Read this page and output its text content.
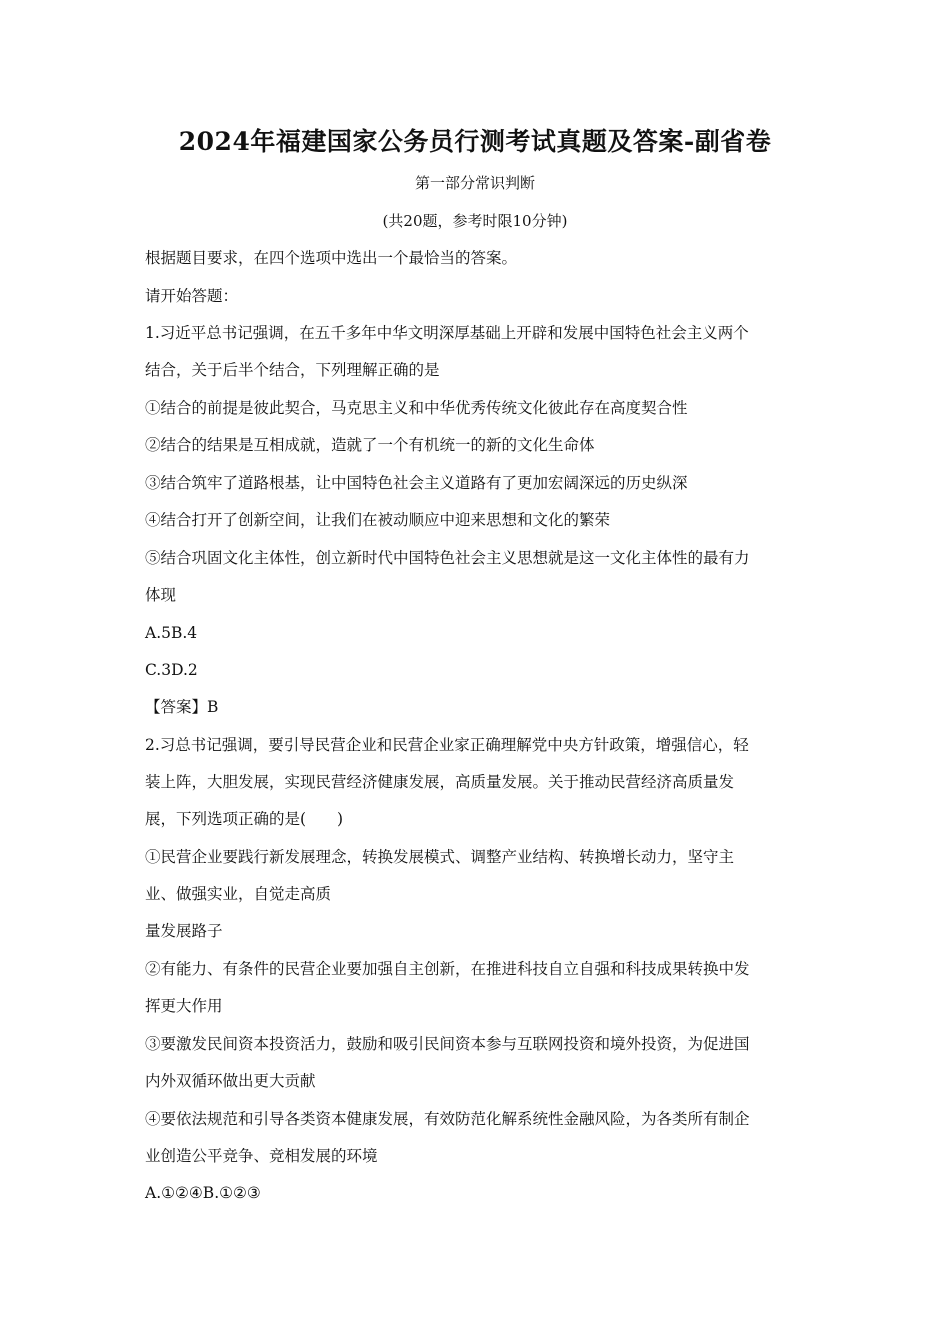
2024年福建国家公务员行测考试真题及答案-副省卷
第一部分常识判断
(共20题，参考时限10分钟)
根据题目要求，在四个选项中选出一个最恰当的答案。
请开始答题：
1.习近平总书记强调，在五千多年中华文明深厚基础上开辟和发展中国特色社会主义两个
结合，关于后半个结合，下列理解正确的是
①结合的前提是彼此契合，马克思主义和中华优秀传统文化彼此存在高度契合性
②结合的结果是互相成就，造就了一个有机统一的新的文化生命体
③结合筑牢了道路根基，让中国特色社会主义道路有了更加宏阔深远的历史纵深
④结合打开了创新空间，让我们在被动顺应中迎来思想和文化的繁荣
⑤结合巩固文化主体性，创立新时代中国特色社会主义思想就是这一文化主体性的最有力
体现
A.5B.4
C.3D.2
【答案】B
2.习总书记强调，要引导民营企业和民营企业家正确理解党中央方针政策，增强信心，轻
装上阵，大胆发展，实现民营经济健康发展，高质量发展。关于推动民营经济高质量发
展，下列选项正确的是(　　)
①民营企业要践行新发展理念，转换发展模式、调整产业结构、转换增长动力，坚守主
业、做强实业，自觉走高质
量发展路子
②有能力、有条件的民营企业要加强自主创新，在推进科技自立自强和科技成果转换中发
挥更大作用
③要激发民间资本投资活力，鼓励和吸引民间资本参与互联网投资和境外投资，为促进国
内外双循环做出更大贡献
④要依法规范和引导各类资本健康发展，有效防范化解系统性金融风险，为各类所有制企
业创造公平竞争、竞相发展的环境
A.①②④B.①②③
